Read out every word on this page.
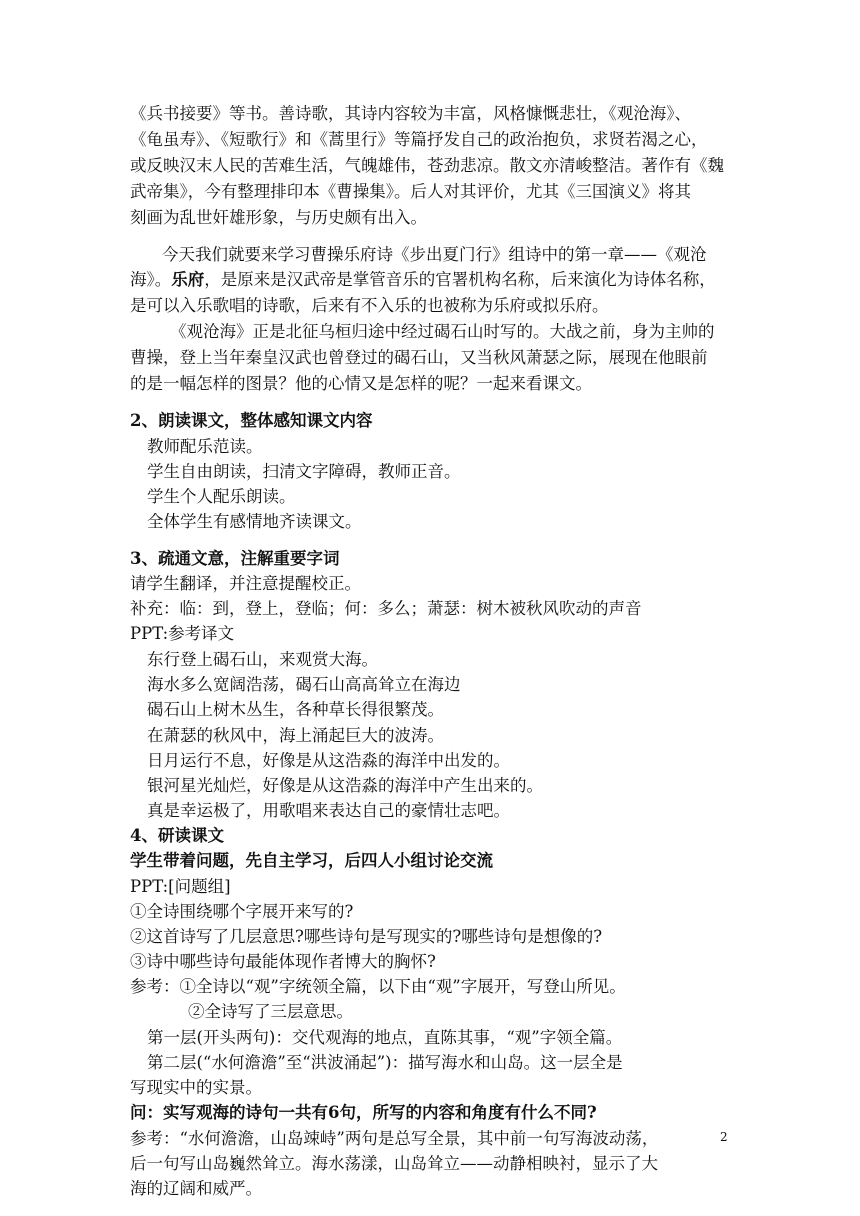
《兵书接要》等书。善诗歌，其诗内容较为丰富，风格慷慨悲壮，《观沧海》、
《龟虽寿》、《短歌行》和《蒿里行》等篇抒发自己的政治抱负，求贤若渴之心，
或反映汉末人民的苦难生活，气魄雄伟，苍劲悲凉。散文亦清峻整洁。著作有《魏
武帝集》，今有整理排印本《曹操集》。后人对其评价，尤其《三国演义》将其
刻画为乱世奸雄形象，与历史颇有出入。
今天我们就要来学习曹操乐府诗《步出夏门行》组诗中的第一章——《观沧
海》。乐府，是原来是汉武帝是掌管音乐的官署机构名称，后来演化为诗体名称，
是可以入乐歌唱的诗歌，后来有不入乐的也被称为乐府或拟乐府。
《观沧海》正是北征乌桓归途中经过碣石山时写的。大战之前，身为主帅的
曹操，登上当年秦皇汉武也曾登过的碣石山，又当秋风萧瑟之际，展现在他眼前
的是一幅怎样的图景？他的心情又是怎样的呢？一起来看课文。
2、朗读课文，整体感知课文内容
教师配乐范读。
学生自由朗读，扫清文字障碍，教师正音。
学生个人配乐朗读。
全体学生有感情地齐读课文。
3、疏通文意，注解重要字词
请学生翻译，并注意提醒校正。
补充：临：到，登上，登临；何：多么；萧瑟：树木被秋风吹动的声音
PPT:参考译文
东行登上碣石山，来观赏大海。
海水多么宽阔浩荡，碣石山高高耸立在海边
碣石山上树木丛生，各种草长得很繁茂。
在萧瑟的秋风中，海上涌起巨大的波涛。
日月运行不息，好像是从这浩淼的海洋中出发的。
银河星光灿烂，好像是从这浩淼的海洋中产生出来的。
真是幸运极了，用歌唱来表达自己的豪情壮志吧。
4、研读课文
学生带着问题，先自主学习，后四人小组讨论交流
PPT:[问题组]
①全诗围绕哪个字展开来写的?
②这首诗写了几层意思?哪些诗句是写现实的?哪些诗句是想像的?
③诗中哪些诗句最能体现作者博大的胸怀?
参考：①全诗以“观”字统领全篇，以下由“观”字展开，写登山所见。
②全诗写了三层意思。
第一层(开头两句)：交代观海的地点，直陈其事，“观”字领全篇。
第二层(“水何澹澹”至“洪波涌起”)：描写海水和山岛。这一层全是
写现实中的实景。
问：实写观海的诗句一共有6句，所写的内容和角度有什么不同?
参考：“水何澹澹，山岛竦峙”两句是总写全景，其中前一句写海波动荡，
后一句写山岛巍然耸立。海水荡漾，山岛耸立——动静相映衬，显示了大
海的辽阔和威严。
2
